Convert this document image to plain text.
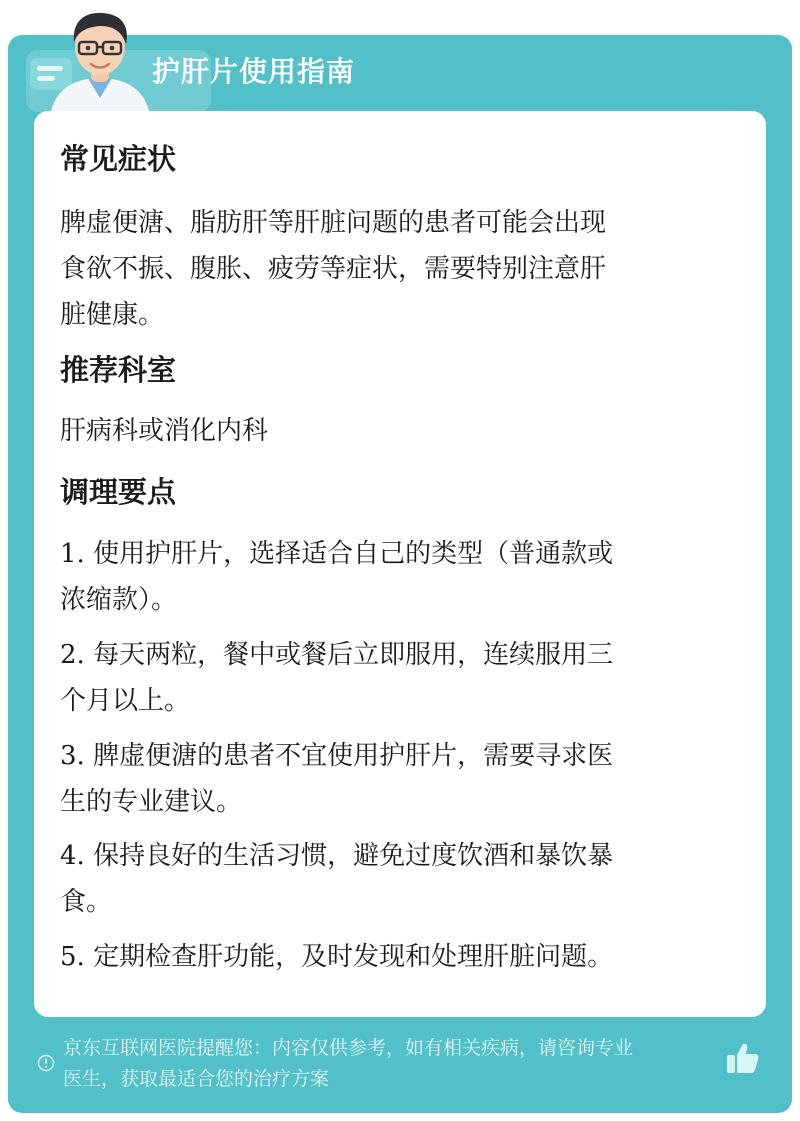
护肝片使用指南
常见症状
脾虚便溏、脂肪肝等肝脏问题的患者可能会出现
食欲不振、腹胀、疲劳等症状，需要特别注意肝
脏健康。
推荐科室
肝病科或消化内科
调理要点
1. 使用护肝片，选择适合自己的类型（普通款或
浓缩款）。
2. 每天两粒，餐中或餐后立即服用，连续服用三
个月以上。
3. 脾虚便溏的患者不宜使用护肝片，需要寻求医
生的专业建议。
4. 保持良好的生活习惯，避免过度饮酒和暴饮暴
食。
5. 定期检查肝功能，及时发现和处理肝脏问题。
京东互联网医院提醒您：内容仅供参考，如有相关疾病，请咨询专业
医生，获取最适合您的治疗方案
